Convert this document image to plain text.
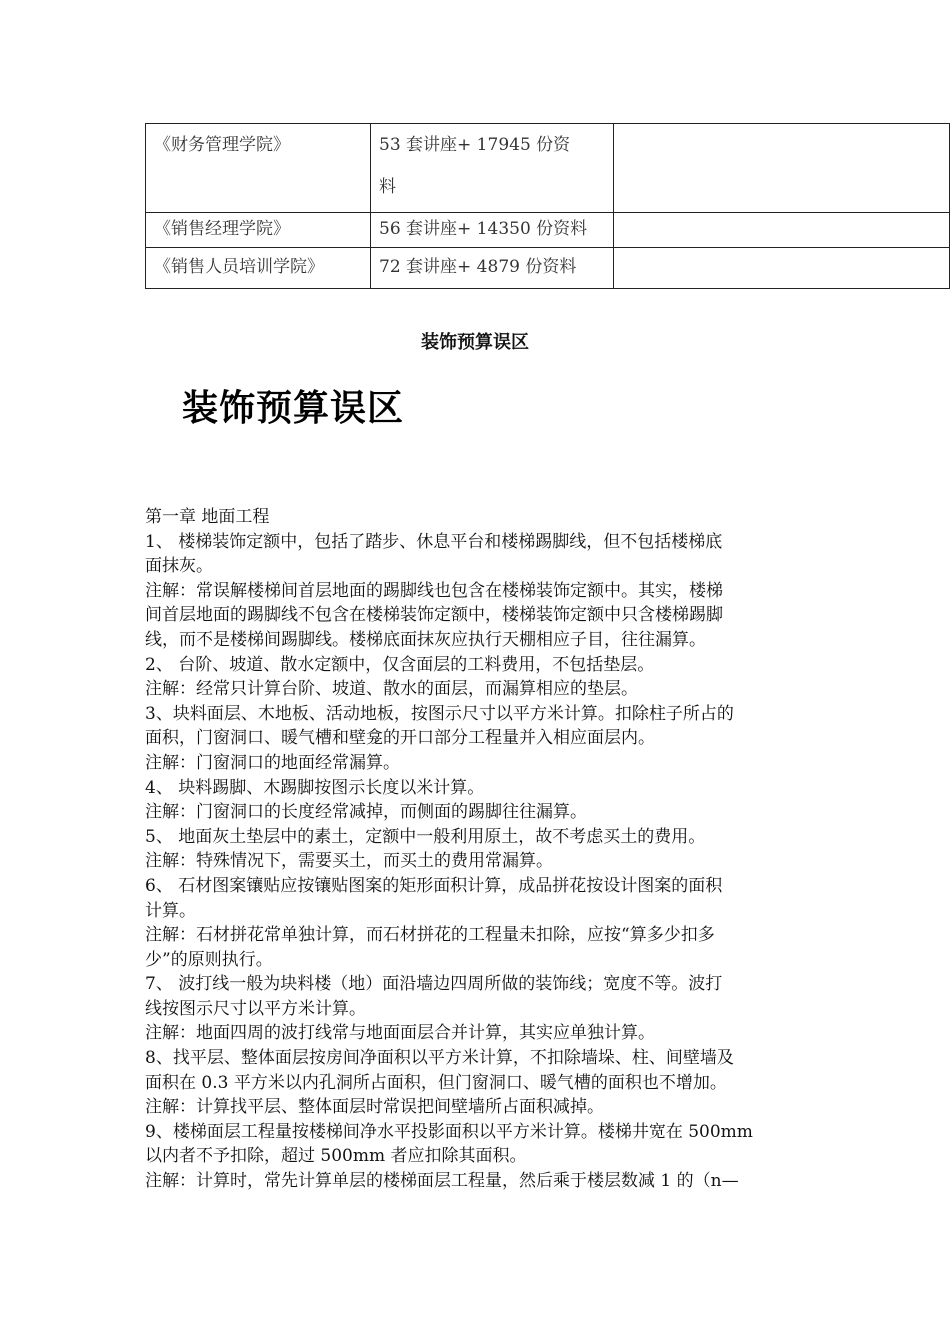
《财务管理学院》	53 套讲座+ 17945 份资
料	

《销售经理学院》	56 套讲座+ 14350 份资料	
《销售人员培训学院》	72 套讲座+ 4879 份资料	
装饰预算误区
装饰预算误区

第一章 地面工程

1、 楼梯装饰定额中，包括了踏步、休息平台和楼梯踢脚线，但不包括楼梯底

面抹灰。

注解：常误解楼梯间首层地面的踢脚线也包含在楼梯装饰定额中。其实，楼梯

间首层地面的踢脚线不包含在楼梯装饰定额中，楼梯装饰定额中只含楼梯踢脚

线，而不是楼梯间踢脚线。楼梯底面抹灰应执行天棚相应子目，往往漏算。

2、 台阶、坡道、散水定额中，仅含面层的工料费用，不包括垫层。

注解：经常只计算台阶、坡道、散水的面层，而漏算相应的垫层。

3、块料面层、木地板、活动地板，按图示尺寸以平方米计算。扣除柱子所占的

面积，门窗洞口、暖气槽和壁龛的开口部分工程量并入相应面层内。

注解：门窗洞口的地面经常漏算。

4、 块料踢脚、木踢脚按图示长度以米计算。

注解：门窗洞口的长度经常减掉，而侧面的踢脚往往漏算。

5、 地面灰土垫层中的素土，定额中一般利用原土，故不考虑买土的费用。

注解：特殊情况下，需要买土，而买土的费用常漏算。

6、 石材图案镶贴应按镶贴图案的矩形面积计算，成品拼花按设计图案的面积

计算。

注解：石材拼花常单独计算，而石材拼花的工程量未扣除，应按“算多少扣多

少”的原则执行。

7、 波打线一般为块料楼（地）面沿墙边四周所做的装饰线；宽度不等。波打

线按图示尺寸以平方米计算。

注解：地面四周的波打线常与地面面层合并计算，其实应单独计算。

8、找平层、整体面层按房间净面积以平方米计算，不扣除墙垛、柱、间壁墙及

面积在 0.3 平方米以内孔洞所占面积，但门窗洞口、暖气槽的面积也不增加。

注解：计算找平层、整体面层时常误把间壁墙所占面积减掉。

9、楼梯面层工程量按楼梯间净水平投影面积以平方米计算。楼梯井宽在 500mm

以内者不予扣除，超过 500mm 者应扣除其面积。

注解：计算时，常先计算单层的楼梯面层工程量，然后乘于楼层数减 1 的（n—
